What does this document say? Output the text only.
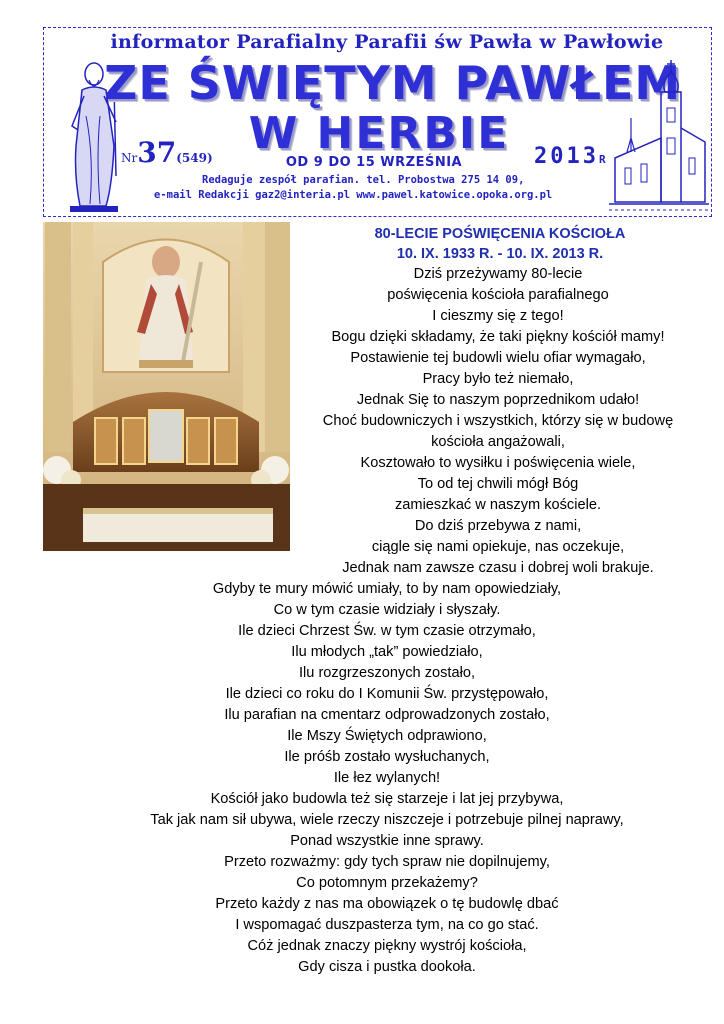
informator Parafialny Parafii św Pawła w Pawłowie
ZE ŚWIĘTYM PAWŁEM
W HERBIE
Nr37(549)	OD 9 DO 15 WRZEŚNIA	2013R
Redaguje zespół parafian. tel. Probostwa 275 14 09,
e-mail Redakcji gaz2@interia.pl www.pawel.katowice.opoka.org.pl
80-LECIE POŚWIĘCENIA KOŚCIOŁA
10. IX. 1933 R. - 10. IX. 2013 R.
Dziś przeżywamy 80-lecie
poświęcenia kościoła parafialnego
I cieszmy się z tego!
Bogu dzięki składamy, że taki piękny kościół mamy!
Postawienie tej budowli wielu ofiar wymagało,
Pracy było też niemało,
Jednak Się to naszym poprzednikom udało!
Choć budowniczych i wszystkich, którzy się w budowę
kościoła angażowali,
Kosztowało to wysiłku i poświęcenia wiele,
To od tej chwili mógł Bóg
zamieszkać w naszym kościele.
Do dziś przebywa z nami,
ciągle się nami opiekuje, nas oczekuje,
Jednak nam zawsze czasu i dobrej woli brakuje.
Gdyby te mury mówić umiały, to by nam opowiedziały,
Co w tym czasie widziały i słyszały.
Ile dzieci Chrzest Św. w tym czasie otrzymało,
Ilu młodych „tak” powiedziało,
Ilu rozgrzeszonych zostało,
Ile dzieci co roku do I Komunii Św. przystępowało,
Ilu parafian na cmentarz odprowadzonych zostało,
Ile Mszy Świętych odprawiono,
Ile próśb zostało wysłuchanych,
Ile łez wylanych!
Kościół jako budowla też się starzeje i lat jej przybywa,
Tak jak nam sił ubywa, wiele rzeczy niszczeje i potrzebuje pilnej naprawy,
Ponad wszystkie inne sprawy.
Przeto rozważmy: gdy tych spraw nie dopilnujemy,
Co potomnym przekażemy?
Przeto każdy z nas ma obowiązek o tę budowlę dbać
I wspomagać duszpasterza tym, na co go stać.
Cóż jednak znaczy piękny wystrój kościoła,
Gdy cisza i pustka dookoła.
